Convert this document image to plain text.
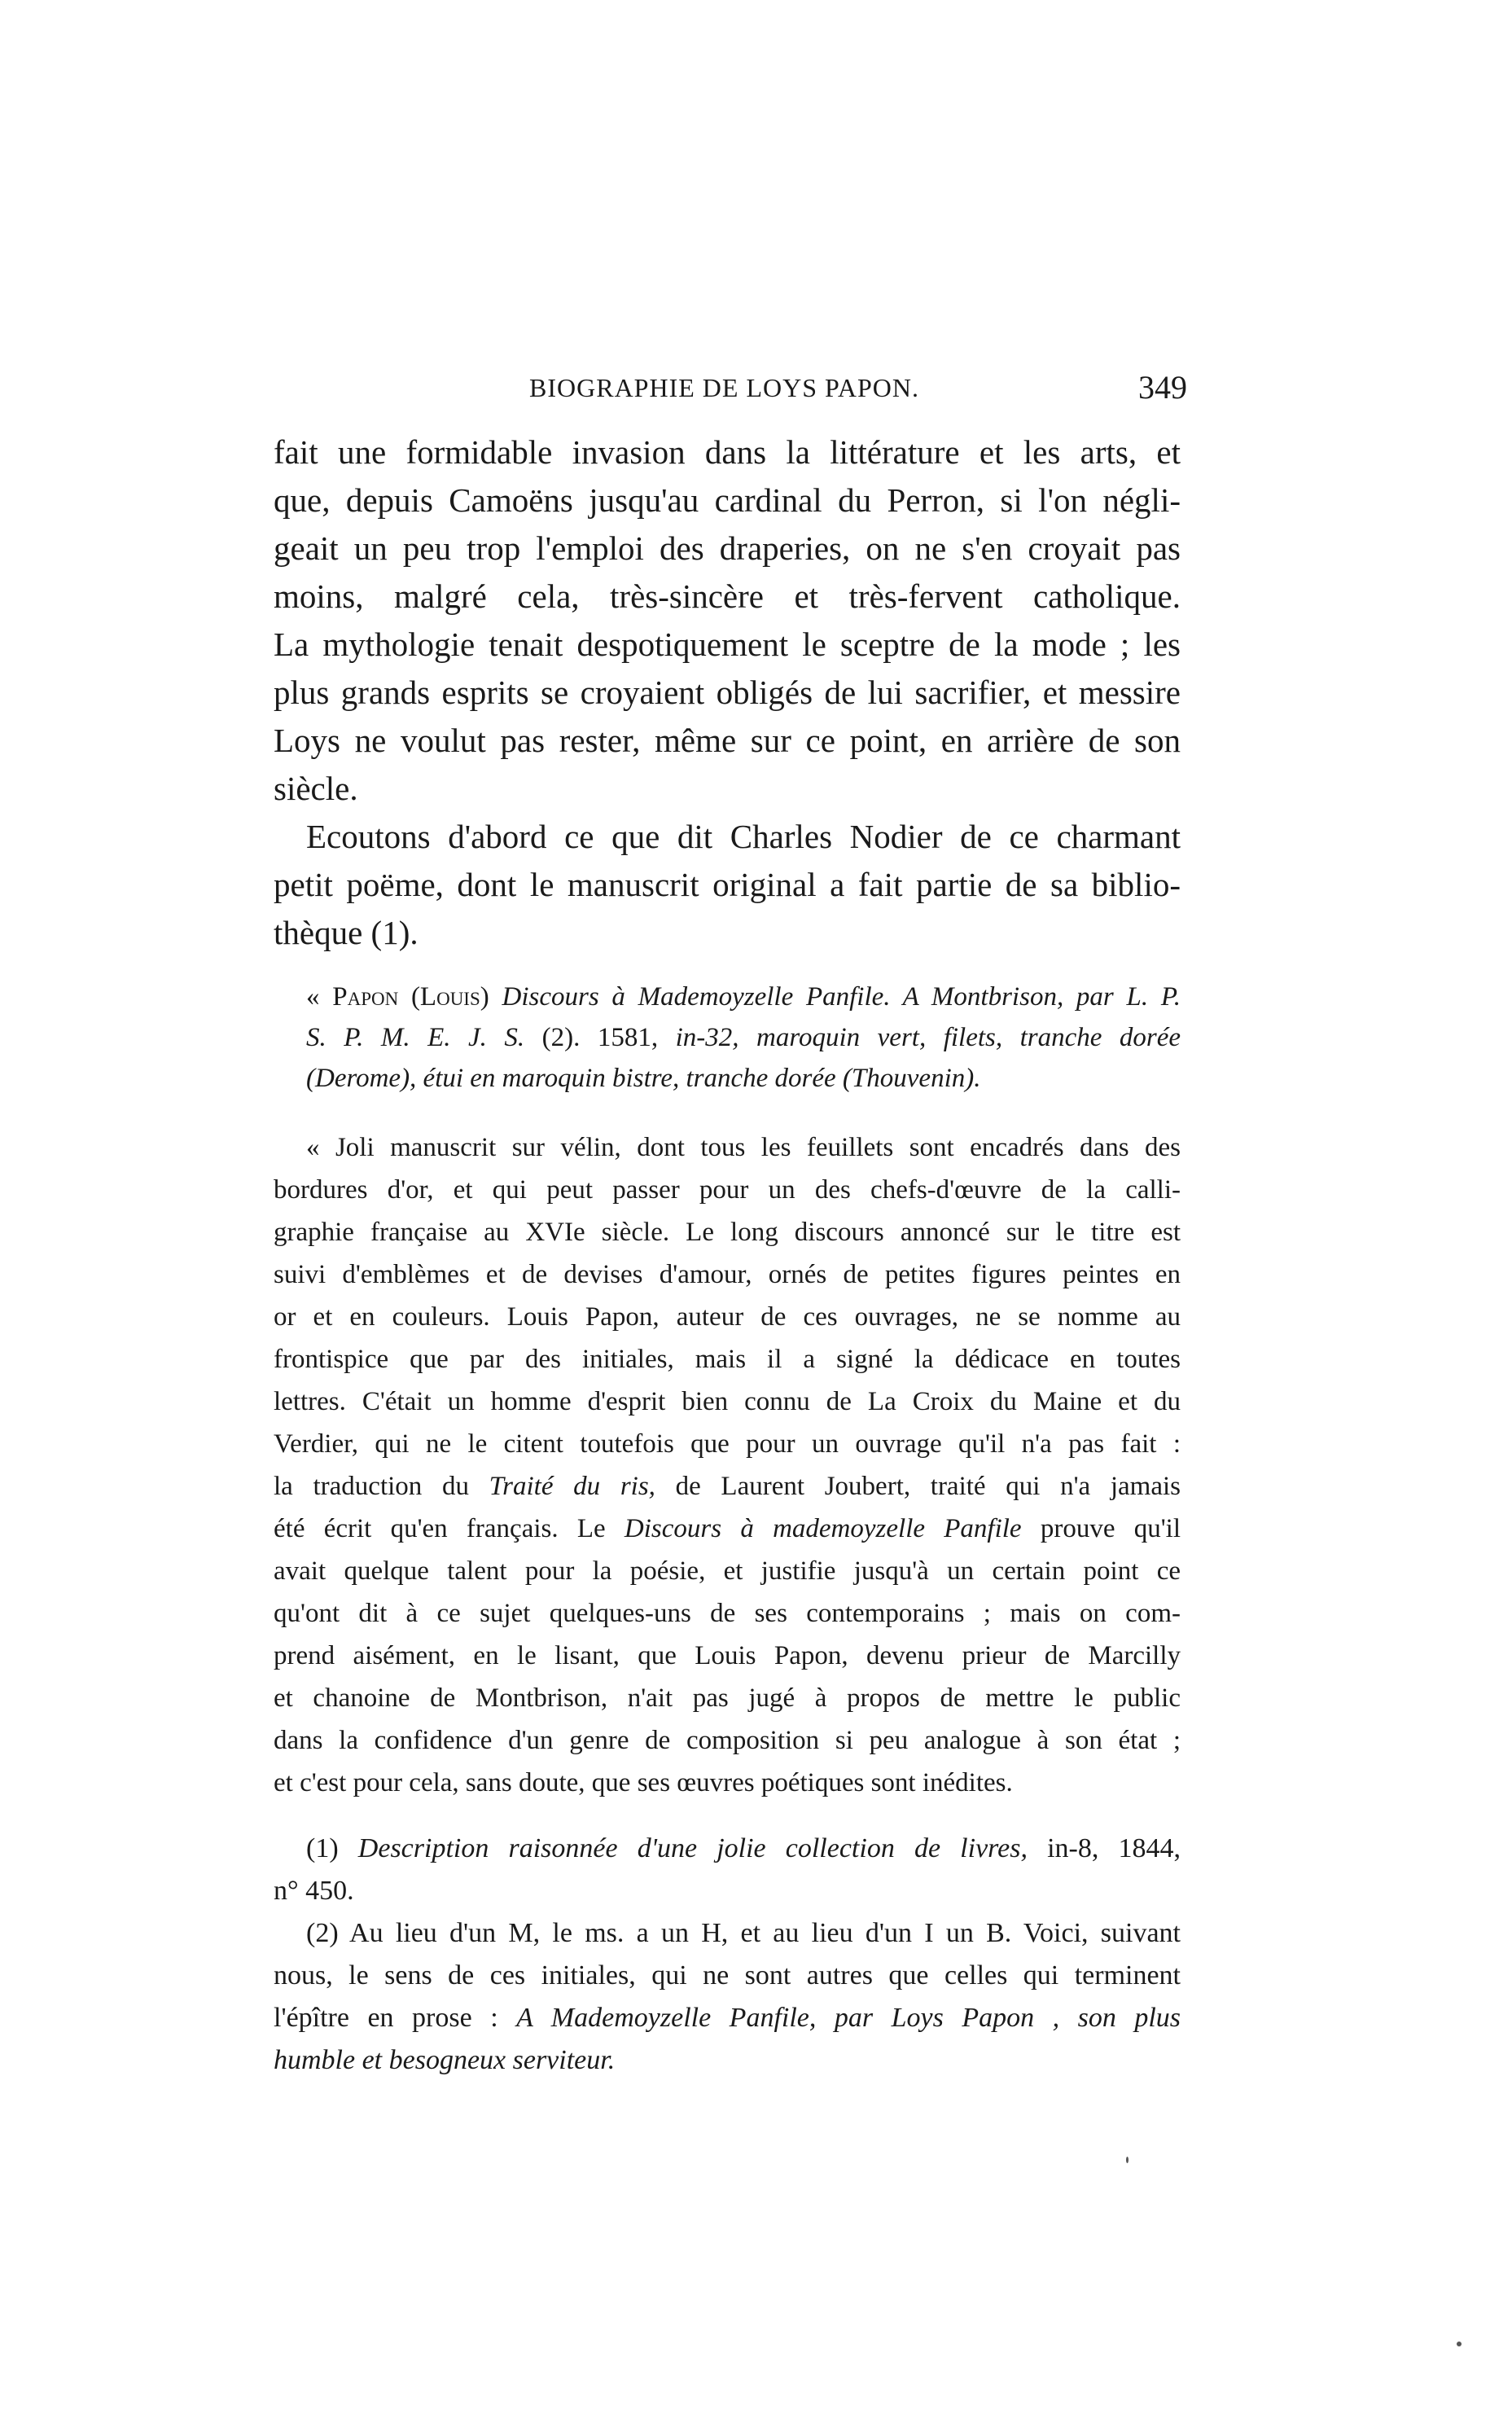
BIOGRAPHIE DE LOYS PAPON.	349

fait une formidable invasion dans la littérature et les arts, et

que, depuis Camoëns jusqu'au cardinal du Perron, si l'on négli-

geait un peu trop l'emploi des draperies, on ne s'en croyait pas

moins, malgré cela, très-sincère et très-fervent catholique.

La mythologie tenait despotiquement le sceptre de la mode ; les

plus grands esprits se croyaient obligés de lui sacrifier, et messire

Loys ne voulut pas rester, même sur ce point, en arrière de son

siècle.

Ecoutons d'abord ce que dit Charles Nodier de ce charmant

petit poëme, dont le manuscrit original a fait partie de sa biblio-

thèque (1).

« Papon (Louis) Discours à Mademoyzelle Panfile. A Montbrison, par L. P.

S. P. M. E. J. S. (2). 1581, in-32, maroquin vert, filets, tranche dorée

(Derome), étui en maroquin bistre, tranche dorée (Thouvenin).

« Joli manuscrit sur vélin, dont tous les feuillets sont encadrés dans des

bordures d'or, et qui peut passer pour un des chefs-d'œuvre de la calli-

graphie française au XVIe siècle. Le long discours annoncé sur le titre est

suivi d'emblèmes et de devises d'amour, ornés de petites figures peintes en

or et en couleurs. Louis Papon, auteur de ces ouvrages, ne se nomme au

frontispice que par des initiales, mais il a signé la dédicace en toutes

lettres. C'était un homme d'esprit bien connu de La Croix du Maine et du

Verdier, qui ne le citent toutefois que pour un ouvrage qu'il n'a pas fait :

la traduction du Traité du ris, de Laurent Joubert, traité qui n'a jamais

été écrit qu'en français. Le Discours à mademoyzelle Panfile prouve qu'il

avait quelque talent pour la poésie, et justifie jusqu'à un certain point ce

qu'ont dit à ce sujet quelques-uns de ses contemporains ; mais on com-

prend aisément, en le lisant, que Louis Papon, devenu prieur de Marcilly

et chanoine de Montbrison, n'ait pas jugé à propos de mettre le public

dans la confidence d'un genre de composition si peu analogue à son état ;

et c'est pour cela, sans doute, que ses œuvres poétiques sont inédites.

(1) Description raisonnée d'une jolie collection de livres, in-8, 1844,

n° 450.

(2) Au lieu d'un M, le ms. a un H, et au lieu d'un I un B. Voici, suivant

nous, le sens de ces initiales, qui ne sont autres que celles qui terminent

l'épître en prose : A Mademoyzelle Panfile, par Loys Papon , son plus

humble et besogneux serviteur.
